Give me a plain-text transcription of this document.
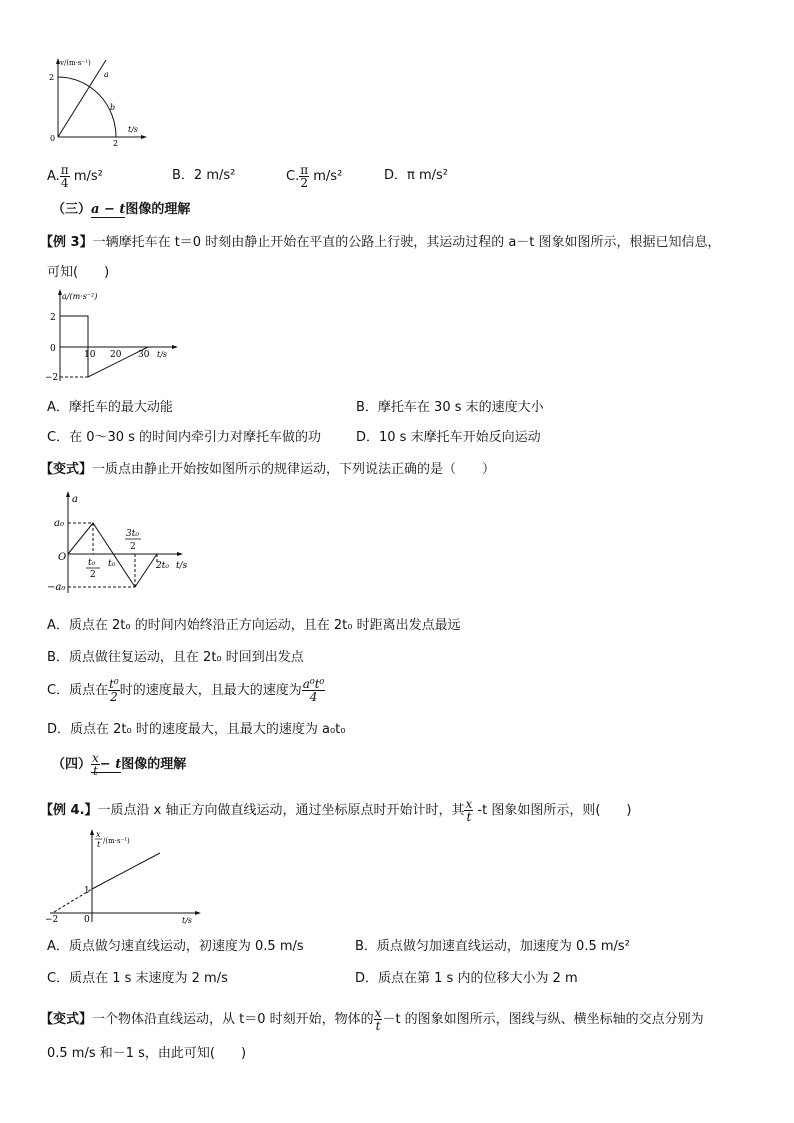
v/(m·s⁻¹)
2
0
2
t/s
a
b
A. $\frac{\pi}{4} m/s^2$	B．2 m/s²	C. $\frac{\pi}{2} m/s^2$	D．π m/s²
（三）a − t图像的理解
【例 3】一辆摩托车在 t＝0 时刻由静止开始在平直的公路上行驶，其运动过程的 a－t 图象如图所示，根据已知信息，
可知(　　)
a/(m·s⁻²)
2
0
−2
10 20 30 t/s
A．摩托车的最大动能	B．摩托车在 30 s 末的速度大小
C．在 0～30 s 的时间内牵引力对摩托车做的功	D．10 s 末摩托车开始反向运动
【变式】一质点由静止开始按如图所示的规律运动，下列说法正确的是（　　）
a
a₀
O
−a₀
t₀
2
t₀
3t₀
2
2t₀ t/s
A．质点在 2t₀ 的时间内始终沿正方向运动，且在 2t₀ 时距离出发点最远
B．质点做往复运动，且在 2t₀ 时回到出发点
C．质点在 $\frac{\text{t⁰}}{2}$ 时的速度最大，且最大的速度为 $\frac{\text{a⁰t⁰}}{4}$
D．质点在 2t₀ 时的速度最大，且最大的速度为 a₀t₀
（四） $\frac{x}{t} - t$图像的理解
【例 4.】一质点沿 x 轴正方向做直线运动，通过坐标原点时开始计时，其 $\frac{x}{t} -t$ 图象如图所示，则(　　)
x
t /(m·s⁻¹)
1
−2	0	t/s
A．质点做匀速直线运动，初速度为 0.5 m/s	B．质点做匀加速直线运动，加速度为 0.5 m/s²
C．质点在 1 s 末速度为 2 m/s	D．质点在第 1 s 内的位移大小为 2 m
【变式】一个物体沿直线运动，从 t＝0 时刻开始，物体的 $\frac{x}{t} -t$ 的图象如图所示，图线与纵、横坐标轴的交点分别为
0.5 m/s 和－1 s，由此可知(　　)
